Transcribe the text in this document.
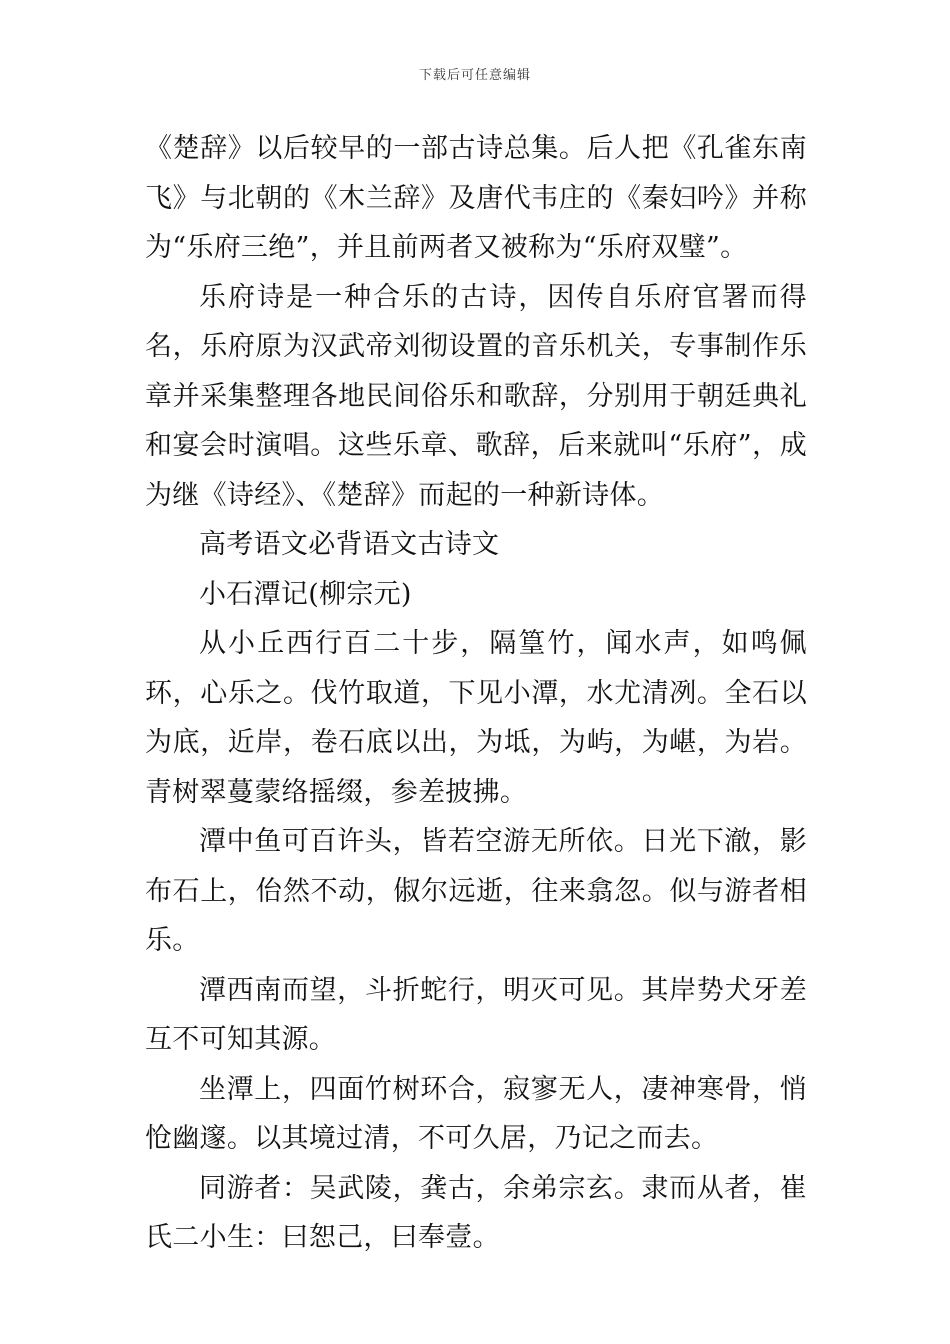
下载后可任意编辑

《楚辞》以后较早的一部古诗总集。后人把《孔雀东南飞》与北朝的《木兰辞》及唐代韦庄的《秦妇吟》并称为“乐府三绝”，并且前两者又被称为“乐府双璧”。

乐府诗是一种合乐的古诗，因传自乐府官署而得名，乐府原为汉武帝刘彻设置的音乐机关，专事制作乐章并采集整理各地民间俗乐和歌辞，分别用于朝廷典礼和宴会时演唱。这些乐章、歌辞，后来就叫“乐府”，成为继《诗经》、《楚辞》而起的一种新诗体。

高考语文必背语文古诗文

小石潭记(柳宗元)

从小丘西行百二十步，隔篁竹，闻水声，如鸣佩环，心乐之。伐竹取道，下见小潭，水尤清冽。全石以为底，近岸，卷石底以出，为坻，为屿，为嵁，为岩。青树翠蔓蒙络摇缀，参差披拂。

潭中鱼可百许头，皆若空游无所依。日光下澈，影布石上，佁然不动，俶尔远逝，往来翕忽。似与游者相乐。

潭西南而望，斗折蛇行，明灭可见。其岸势犬牙差互不可知其源。

坐潭上，四面竹树环合，寂寥无人，凄神寒骨，悄怆幽邃。以其境过清，不可久居，乃记之而去。

同游者：吴武陵，龚古，余弟宗玄。隶而从者，崔氏二小生：曰恕己，曰奉壹。
